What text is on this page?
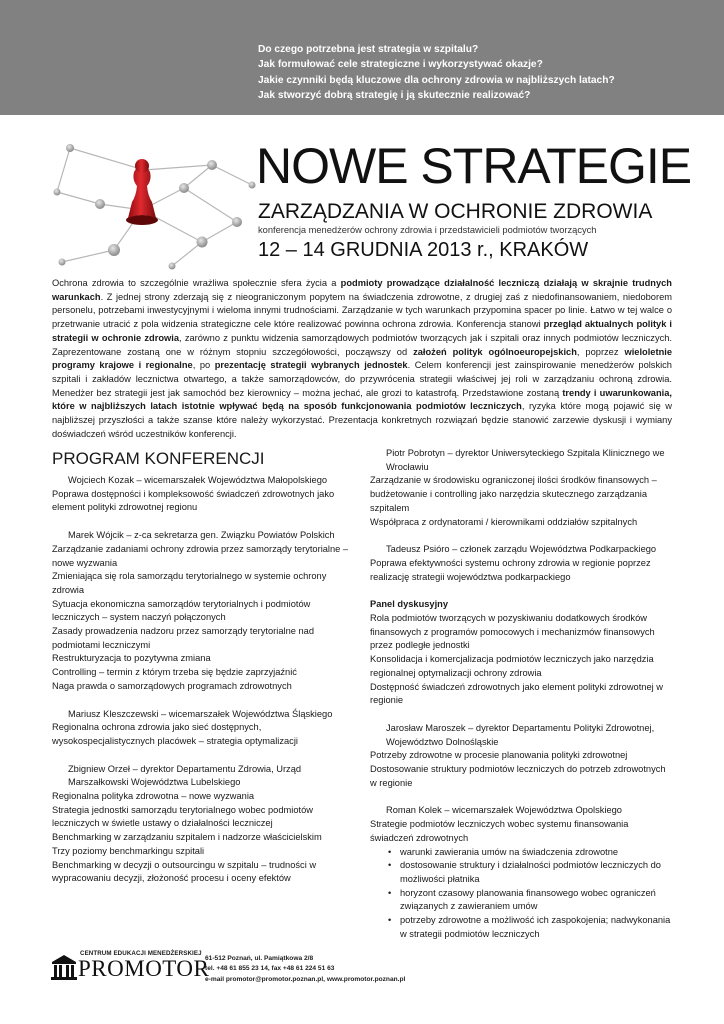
Do czego potrzebna jest strategia w szpitalu?
Jak formułować cele strategiczne i wykorzystywać okazje?
Jakie czynniki będą kluczowe dla ochrony zdrowia w najbliższych latach?
Jak stworzyć dobrą strategię i ją skutecznie realizować?
NOWE STRATEGIE
ZARZĄDZANIA W OCHRONIE ZDROWIA
konferencja menedżerów ochrony zdrowia i przedstawicieli podmiotów tworzących
12 – 14 GRUDNIA 2013 r., KRAKÓW

Ochrona zdrowia to szczególnie wrażliwa społecznie sfera życia a podmioty prowadzące działalność leczniczą działają w skrajnie trudnych warunkach. Z jednej strony zderzają się z nieograniczonym popytem na świadczenia zdrowotne, z drugiej zaś z niedofinansowaniem, niedoborem personelu, potrzebami inwestycyjnymi i wieloma innymi trudnościami. Zarządzanie w tych warunkach przypomina spacer po linie. Łatwo w tej walce o przetrwanie utracić z pola widzenia strategiczne cele które realizować powinna ochrona zdrowia. Konferencja stanowi przegląd aktualnych polityk i strategii w ochronie zdrowia, zarówno z punktu widzenia samorządowych podmiotów tworzących jak i szpitali oraz innych podmiotów leczniczych. Zaprezentowane zostaną one w różnym stopniu szczegółowości, począwszy od założeń polityk ogólnoeuropejskich, poprzez wieloletnie programy krajowe i regionalne, po prezentację strategii wybranych jednostek. Celem konferencji jest zainspirowanie menedżerów polskich szpitali i zakładów lecznictwa otwartego, a także samorządowców, do przywrócenia strategii właściwej jej roli w zarządzaniu ochroną zdrowia. Menedżer bez strategii jest jak samochód bez kierownicy – można jechać, ale grozi to katastrofą. Przedstawione zostaną trendy i uwarunkowania, które w najbliższych latach istotnie wpływać będą na sposób funkcjonowania podmiotów leczniczych, ryzyka które mogą pojawić się w najbliższej przyszłości a także szanse które należy wykorzystać. Prezentacja konkretnych rozwiązań będzie stanowić zarzewie dyskusji i wymiany doświadczeń wśród uczestników konferencji.

PROGRAM KONFERENCJI
Wojciech Kozak – wicemarszałek Województwa Małopolskiego
Poprawa dostępności i kompleksowość świadczeń zdrowotnych jako element polityki zdrowotnej regionu
Marek Wójcik – z-ca sekretarza gen. Związku Powiatów Polskich
Zarządzanie zadaniami ochrony zdrowia przez samorządy terytorialne – nowe wyzwania
Zmieniająca się rola samorządu terytorialnego w systemie ochrony zdrowia
Sytuacja ekonomiczna samorządów terytorialnych i podmiotów leczniczych – system naczyń połączonych
Zasady prowadzenia nadzoru przez samorządy terytorialne nad podmiotami leczniczymi
Restrukturyzacja to pozytywna zmiana
Controlling – termin z którym trzeba się będzie zaprzyjaźnić
Naga prawda o samorządowych programach zdrowotnych
Mariusz Kleszczewski – wicemarszałek Województwa Śląskiego
Regionalna ochrona zdrowia jako sieć dostępnych, wysokospecjalistycznych placówek – strategia optymalizacji
Zbigniew Orzeł – dyrektor Departamentu Zdrowia, Urząd Marszałkowski Województwa Lubelskiego
Regionalna polityka zdrowotna – nowe wyzwania
Strategia jednostki samorządu terytorialnego wobec podmiotów leczniczych w świetle ustawy o działalności leczniczej
Benchmarking w zarządzaniu szpitalem i nadzorze właścicielskim
Trzy poziomy benchmarkingu szpitali
Benchmarking w decyzji o outsourcingu w szpitalu – trudności w wypracowaniu decyzji, złożoność procesu i oceny efektów
Piotr Pobrotyn – dyrektor Uniwersyteckiego Szpitala Klinicznego we Wrocławiu
Zarządzanie w środowisku ograniczonej ilości środków finansowych – budżetowanie i controlling jako narzędzia skutecznego zarządzania szpitalem
Współpraca z ordynatorami / kierownikami oddziałów szpitalnych
Tadeusz Psióro – członek zarządu Województwa Podkarpackiego
Poprawa efektywności systemu ochrony zdrowia w regionie poprzez realizację strategii województwa podkarpackiego
Panel dyskusyjny
Rola podmiotów tworzących w pozyskiwaniu dodatkowych środków finansowych z programów pomocowych i mechanizmów finansowych przez podległe jednostki
Konsolidacja i komercjalizacja podmiotów leczniczych jako narzędzia regionalnej optymalizacji ochrony zdrowia
Dostępność świadczeń zdrowotnych jako element polityki zdrowotnej w regionie
Jarosław Maroszek – dyrektor Departamentu Polityki Zdrowotnej, Województwo Dolnośląskie
Potrzeby zdrowotne w procesie planowania polityki zdrowotnej
Dostosowanie struktury podmiotów leczniczych do potrzeb zdrowotnych w regionie
Roman Kolek – wicemarszałek Województwa Opolskiego
Strategie podmiotów leczniczych wobec systemu finansowania świadczeń zdrowotnych
• warunki zawierania umów na świadczenia zdrowotne
• dostosowanie struktury i działalności podmiotów leczniczych do możliwości płatnika
• horyzont czasowy planowania finansowego wobec ograniczeń związanych z zawieraniem umów
• potrzeby zdrowotne a możliwość ich zaspokojenia; nadwykonania w strategii podmiotów leczniczych
CENTRUM EDUKACJI MENEDŻERSKIEJ
PROMOTOR
61-512 Poznań, ul. Pamiątkowa 2/8
tel. +48 61 855 23 14, fax +48 61 224 51 63
e-mail promotor@promotor.poznan.pl, www.promotor.poznan.pl
